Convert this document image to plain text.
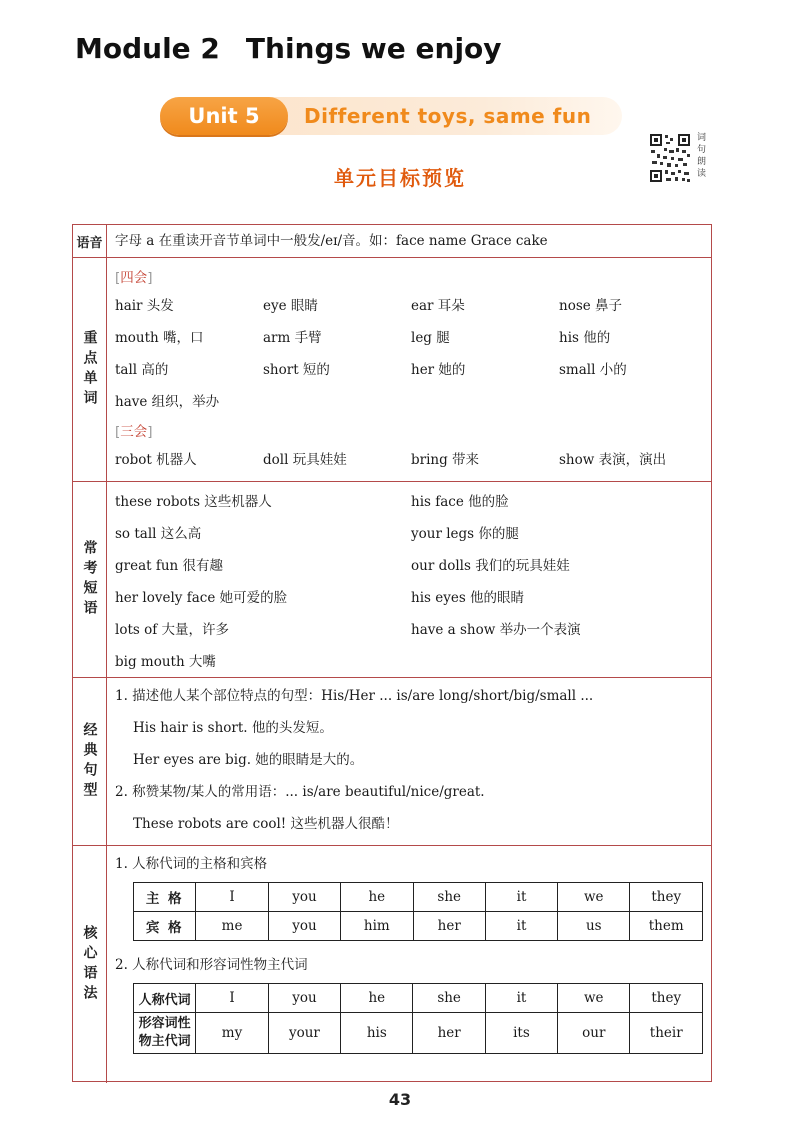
Module 2 Things we enjoy
Unit 5	Different toys, same fun
单元目标预览
词句朗读
语音 字母 a 在重读开音节单词中一般发/eɪ/音。如：face name Grace cake
重点单词
[四会]
hair 头发	eye 眼睛	ear 耳朵	nose 鼻子
mouth 嘴，口	arm 手臂	leg 腿	his 他的
tall 高的	short 短的	her 她的	small 小的
have 组织，举办
[三会]
robot 机器人	doll 玩具娃娃	bring 带来	show 表演，演出
常考短语
these robots 这些机器人	his face 他的脸
so tall 这么高	your legs 你的腿
great fun 很有趣	our dolls 我们的玩具娃娃
her lovely face 她可爱的脸	his eyes 他的眼睛
lots of 大量，许多	have a show 举办一个表演
big mouth 大嘴
经典句型
1. 描述他人某个部位特点的句型：His/Her ... is/are long/short/big/small ...
His hair is short. 他的头发短。
Her eyes are big. 她的眼睛是大的。
2. 称赞某物/某人的常用语：... is/are beautiful/nice/great.
These robots are cool! 这些机器人很酷！
核心语法
1. 人称代词的主格和宾格
主 格	I	you	he	she	it	we	they
宾 格	me	you	him	her	it	us	them
2. 人称代词和形容词性物主代词
人称代词	I	you	he	she	it	we	they
形容词性物主代词	my	your	his	her	its	our	their
43
